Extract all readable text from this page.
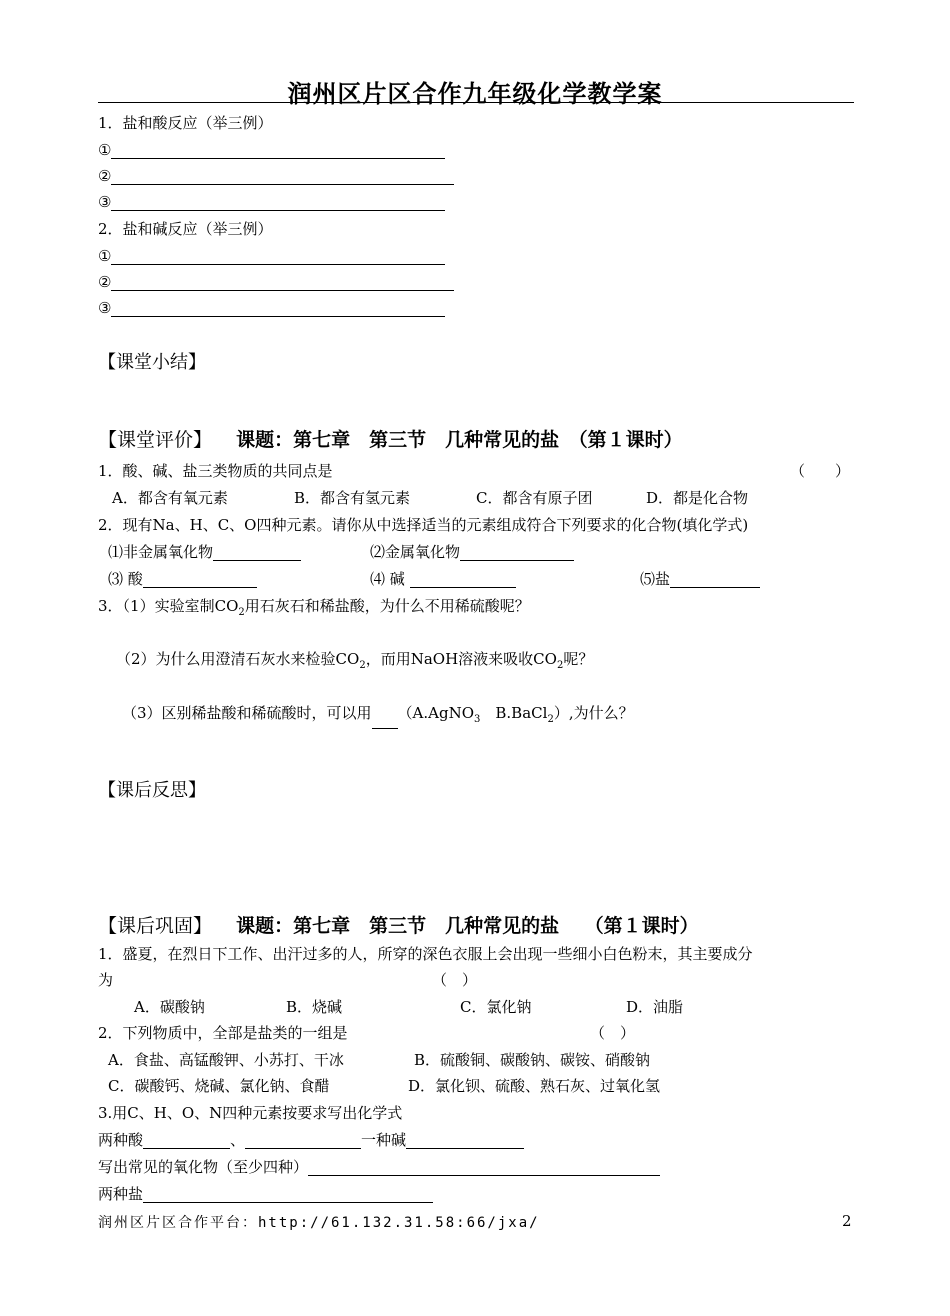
润州区片区合作九年级化学教学案
1．盐和酸反应（举三例）
①
②
③
2．盐和碱反应（举三例）
①
②
③
【课堂小结】
【课堂评价】 课题：第七章　第三节　几种常见的盐　（第１课时）
1．酸、碱、盐三类物质的共同点是	（　　）
A．都含有氧元素	B．都含有氢元素	C．都含有原子团	D．都是化合物
2．现有Na、H、C、O四种元素。请你从中选择适当的元素组成符合下列要求的化合物(填化学式)
⑴非金属氧化物	⑵金属氧化物
⑶ 酸	⑷ 碱	⑸盐
3．（1）实验室制$CO_2$用石灰石和稀盐酸，为什么不用稀硫酸呢？
（2）为什么用澄清石灰水来检验$CO_2$，而用NaOH溶液来吸收$CO_2$呢？
（3）区别稀盐酸和稀硫酸时，可以用 （A.AgNO$_3$　B.BaCl$_2$）,为什么？
【课后反思】
【课后巩固】 课题：第七章　第三节　几种常见的盐　 （第１课时）
1．盛夏，在烈日下工作、出汗过多的人，所穿的深色衣服上会出现一些细小白色粉末，其主要成分
为	（　）
A．碳酸钠	B．烧碱	C．氯化钠	D．油脂
2．下列物质中，全部是盐类的一组是	（　）
A．食盐、高锰酸钾、小苏打、干冰	B．硫酸铜、碳酸钠、碳铵、硝酸钠
C．碳酸钙、烧碱、氯化钠、食醋	D．氯化钡、硫酸、熟石灰、过氧化氢
3.用C、H、O、N四种元素按要求写出化学式
两种酸	、	一种碱
写出常见的氧化物（至少四种）
两种盐
润州区片区合作平台：http://61.132.31.58:66/jxa/	2
